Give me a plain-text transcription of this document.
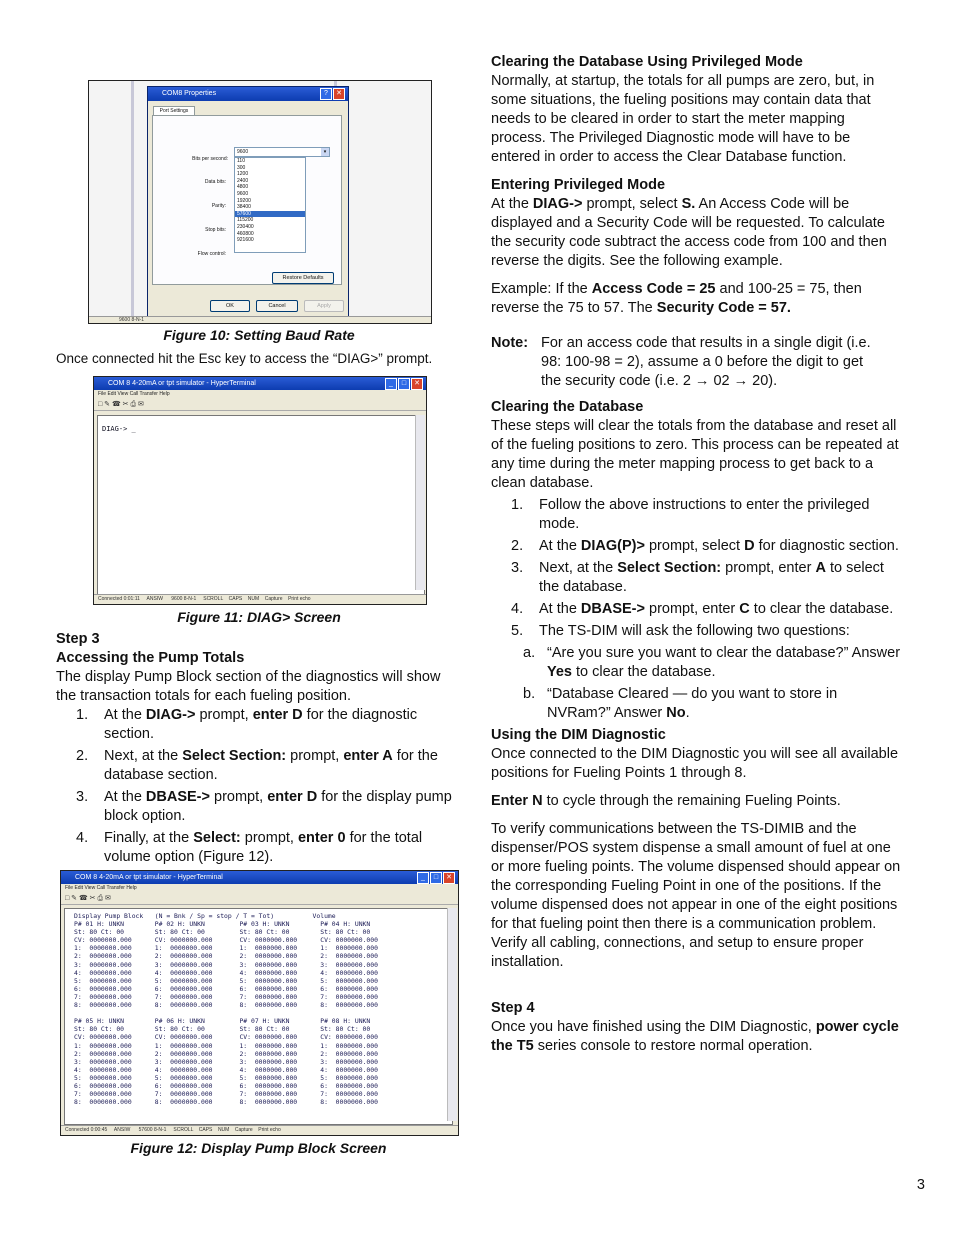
COM8 Properties	?	✕
Port Settings
Bits per second:
9600	▾
Data bits:
Parity:
Stop bits:
Flow control:
110
300
1200
2400
4800
9600
19200
38400
57600
115200
230400
460800
921600
Restore Defaults
OK	Cancel	Apply
9600 8-N-1
Figure 10: Setting Baud Rate
Once connected hit the Esc key to access the “DIAG>” prompt.
COM 8 4-20mA or tpt simulator - HyperTerminal	_	□	✕
File Edit View Call Transfer Help
□ ✎ ☎ ✂ ⎙ ✉
DIAG-> _
Connected 0:01:11     ANSIW      9600 8-N-1     SCROLL    CAPS    NUM    Capture    Print echo
Figure 11: DIAG> Screen
Step 3
Accessing the Pump Totals

The display Pump Block section of the diagnostics will show the transaction totals for each fueling position.

1. At the DIAG-> prompt, enter D for the diagnostic section.
2. Next, at the Select Section: prompt, enter A for the database section.
3. At the DBASE-> prompt, enter D for the display pump block option.
4. Finally, at the Select: prompt, enter 0 for the total volume option (Figure 12).
COM 8 4-20mA or tpt simulator - HyperTerminal	_	□	✕
File Edit View Call Transfer Help
□ ✎ ☎ ✂ ⎙ ✉
Display Pump Block   (N = Bnk / Sp = stop / T = Tot)          Volume
P# 01 H: UNKN        P# 02 H: UNKN         P# 03 H: UNKN        P# 04 H: UNKN
St: 80 Ct: 00        St: 80 Ct: 00         St: 80 Ct: 00        St: 80 Ct: 00
CV: 0000000.000      CV: 0000000.000       CV: 0000000.000      CV: 0000000.000
1:  0000000.000      1:  0000000.000       1:  0000000.000      1:  0000000.000
2:  0000000.000      2:  0000000.000       2:  0000000.000      2:  0000000.000
3:  0000000.000      3:  0000000.000       3:  0000000.000      3:  0000000.000
4:  0000000.000      4:  0000000.000       4:  0000000.000      4:  0000000.000
5:  0000000.000      5:  0000000.000       5:  0000000.000      5:  0000000.000
6:  0000000.000      6:  0000000.000       6:  0000000.000      6:  0000000.000
7:  0000000.000      7:  0000000.000       7:  0000000.000      7:  0000000.000
8:  0000000.000      8:  0000000.000       8:  0000000.000      8:  0000000.000

P# 05 H: UNKN        P# 06 H: UNKN         P# 07 H: UNKN        P# 08 H: UNKN
St: 80 Ct: 00        St: 80 Ct: 00         St: 80 Ct: 00        St: 80 Ct: 00
CV: 0000000.000      CV: 0000000.000       CV: 0000000.000      CV: 0000000.000
1:  0000000.000      1:  0000000.000       1:  0000000.000      1:  0000000.000
2:  0000000.000      2:  0000000.000       2:  0000000.000      2:  0000000.000
3:  0000000.000      3:  0000000.000       3:  0000000.000      3:  0000000.000
4:  0000000.000      4:  0000000.000       4:  0000000.000      4:  0000000.000
5:  0000000.000      5:  0000000.000       5:  0000000.000      5:  0000000.000
6:  0000000.000      6:  0000000.000       6:  0000000.000      6:  0000000.000
7:  0000000.000      7:  0000000.000       7:  0000000.000      7:  0000000.000
8:  0000000.000      8:  0000000.000       8:  0000000.000      8:  0000000.000
Connected 0:00:45     ANSIW      57600 8-N-1     SCROLL    CAPS    NUM    Capture    Print echo
Figure 12: Display Pump Block Screen
Clearing the Database Using Privileged Mode

Normally, at startup, the totals for all pumps are zero, but, in some situations, the fueling positions may contain data that needs to be cleared in order to start the meter mapping process. The Privileged Diagnostic mode will have to be entered in order to access the Clear Database function.

Entering Privileged Mode

At the DIAG-> prompt, select S. An Access Code will be displayed and a Security Code will be requested. To calculate the security code subtract the access code from 100 and then reverse the digits. See the following example.

Example: If the Access Code = 25 and 100-25 = 75, then reverse the 75 to 57. The Security Code = 57.

Note: For an access code that results in a single digit (i.e. 98: 100-98 = 2), assume a 0 before the digit to get the security code (i.e. 2 → 02 → 20).
Clearing the Database

These steps will clear the totals from the database and reset all of the fueling positions to zero. This process can be repeated at any time during the meter mapping process to get back to a clean database.

1. Follow the above instructions to enter the privileged mode.
2. At the DIAG(P)> prompt, select D for diagnostic section.
3. Next, at the Select Section: prompt, enter A to select the database.
4. At the DBASE-> prompt, enter C to clear the database.
5. The TS-DIM will ask the following two questions:
a. “Are you sure you want to clear the database?” Answer Yes to clear the database.
b. “Database Cleared — do you want to store in NVRam?” Answer No.
Using the DIM Diagnostic

Once connected to the DIM Diagnostic you will see all available positions for Fueling Points 1 through 8.

Enter N to cycle through the remaining Fueling Points.

To verify communications between the TS-DIMIB and the dispenser/POS system dispense a small amount of fuel at one or more fueling points. The volume dispensed should appear on the corresponding Fueling Point in one of the positions. If the volume dispensed does not appear in one of the eight positions for that fueling point then there is a communication problem. Verify all cabling, connections, and setup to ensure proper installation.

Step 4

Once you have finished using the DIM Diagnostic, power cycle the T5 series console to restore normal operation.

3
